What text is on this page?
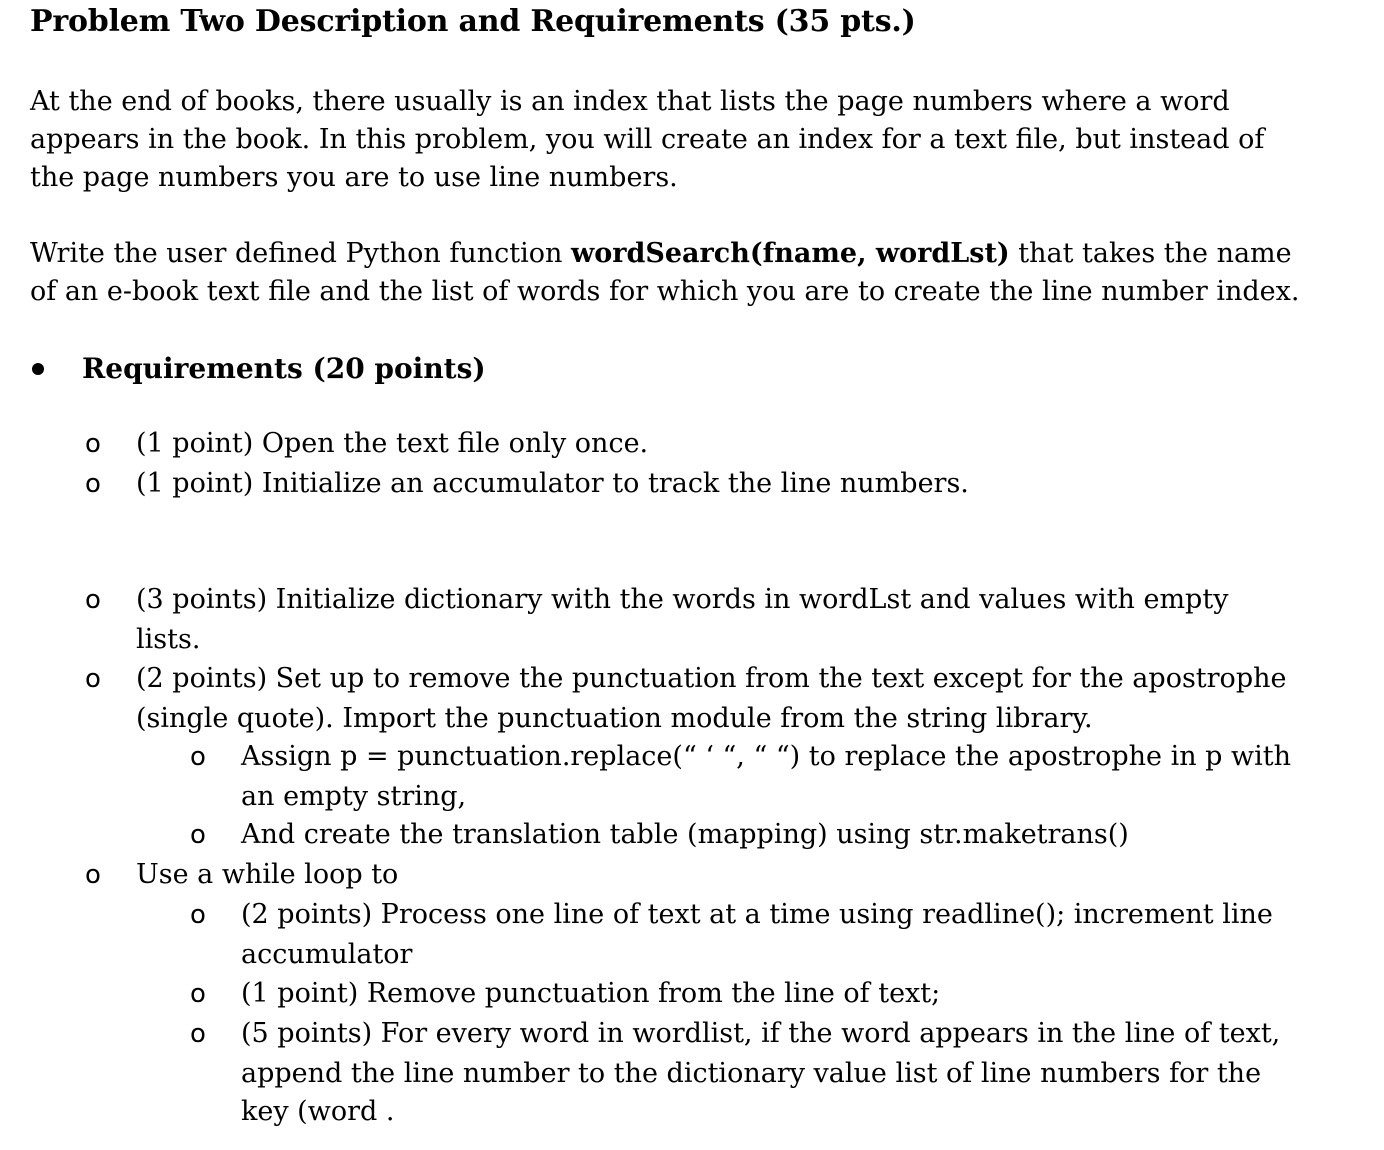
Problem Two Description and Requirements (35 pts.)
At the end of books, there usually is an index that lists the page numbers where a word
appears in the book. In this problem, you will create an index for a text file, but instead of
the page numbers you are to use line numbers.
Write the user defined Python function wordSearch(fname, wordLst) that takes the name
of an e-book text file and the list of words for which you are to create the line number index.
Requirements (20 points)
o (1 point) Open the text file only once.
o (1 point) Initialize an accumulator to track the line numbers.
o (3 points) Initialize dictionary with the words in wordLst and values with empty
lists.
o (2 points) Set up to remove the punctuation from the text except for the apostrophe
(single quote). Import the punctuation module from the string library.
o Assign p = punctuation.replace(“ ‘ “, “ “) to replace the apostrophe in p with
an empty string,
o And create the translation table (mapping) using str.maketrans()
o Use a while loop to
o (2 points) Process one line of text at a time using readline(); increment line
accumulator
o (1 point) Remove punctuation from the line of text;
o (5 points) For every word in wordlist, if the word appears in the line of text,
append the line number to the dictionary value list of line numbers for the
key (word .
